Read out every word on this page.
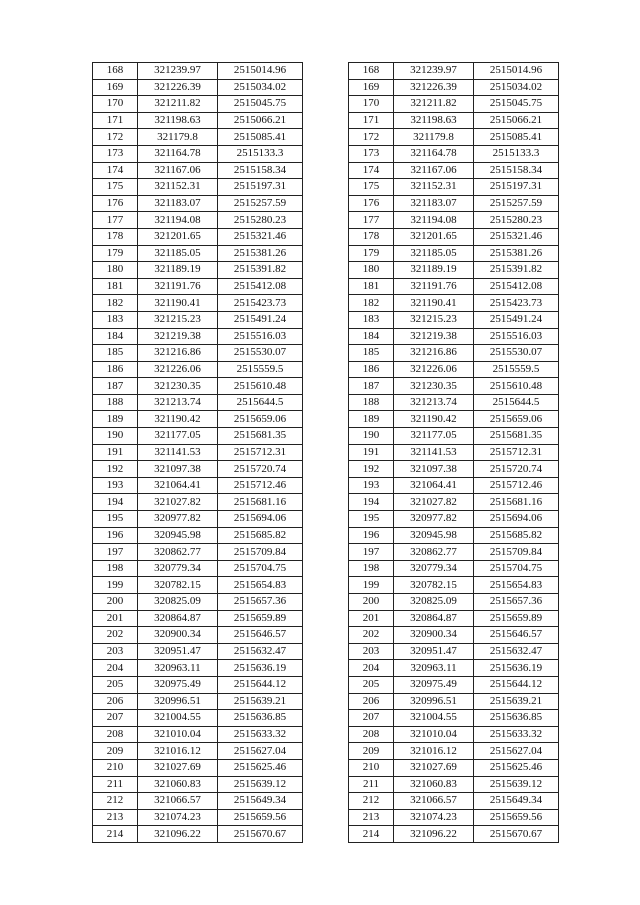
168	321239.97	2515014.96
169	321226.39	2515034.02
170	321211.82	2515045.75
171	321198.63	2515066.21
172	321179.8	2515085.41
173	321164.78	2515133.3
174	321167.06	2515158.34
175	321152.31	2515197.31
176	321183.07	2515257.59
177	321194.08	2515280.23
178	321201.65	2515321.46
179	321185.05	2515381.26
180	321189.19	2515391.82
181	321191.76	2515412.08
182	321190.41	2515423.73
183	321215.23	2515491.24
184	321219.38	2515516.03
185	321216.86	2515530.07
186	321226.06	2515559.5
187	321230.35	2515610.48
188	321213.74	2515644.5
189	321190.42	2515659.06
190	321177.05	2515681.35
191	321141.53	2515712.31
192	321097.38	2515720.74
193	321064.41	2515712.46
194	321027.82	2515681.16
195	320977.82	2515694.06
196	320945.98	2515685.82
197	320862.77	2515709.84
198	320779.34	2515704.75
199	320782.15	2515654.83
200	320825.09	2515657.36
201	320864.87	2515659.89
202	320900.34	2515646.57
203	320951.47	2515632.47
204	320963.11	2515636.19
205	320975.49	2515644.12
206	320996.51	2515639.21
207	321004.55	2515636.85
208	321010.04	2515633.32
209	321016.12	2515627.04
210	321027.69	2515625.46
211	321060.83	2515639.12
212	321066.57	2515649.34
213	321074.23	2515659.56
214	321096.22	2515670.67
168	321239.97	2515014.96
169	321226.39	2515034.02
170	321211.82	2515045.75
171	321198.63	2515066.21
172	321179.8	2515085.41
173	321164.78	2515133.3
174	321167.06	2515158.34
175	321152.31	2515197.31
176	321183.07	2515257.59
177	321194.08	2515280.23
178	321201.65	2515321.46
179	321185.05	2515381.26
180	321189.19	2515391.82
181	321191.76	2515412.08
182	321190.41	2515423.73
183	321215.23	2515491.24
184	321219.38	2515516.03
185	321216.86	2515530.07
186	321226.06	2515559.5
187	321230.35	2515610.48
188	321213.74	2515644.5
189	321190.42	2515659.06
190	321177.05	2515681.35
191	321141.53	2515712.31
192	321097.38	2515720.74
193	321064.41	2515712.46
194	321027.82	2515681.16
195	320977.82	2515694.06
196	320945.98	2515685.82
197	320862.77	2515709.84
198	320779.34	2515704.75
199	320782.15	2515654.83
200	320825.09	2515657.36
201	320864.87	2515659.89
202	320900.34	2515646.57
203	320951.47	2515632.47
204	320963.11	2515636.19
205	320975.49	2515644.12
206	320996.51	2515639.21
207	321004.55	2515636.85
208	321010.04	2515633.32
209	321016.12	2515627.04
210	321027.69	2515625.46
211	321060.83	2515639.12
212	321066.57	2515649.34
213	321074.23	2515659.56
214	321096.22	2515670.67
